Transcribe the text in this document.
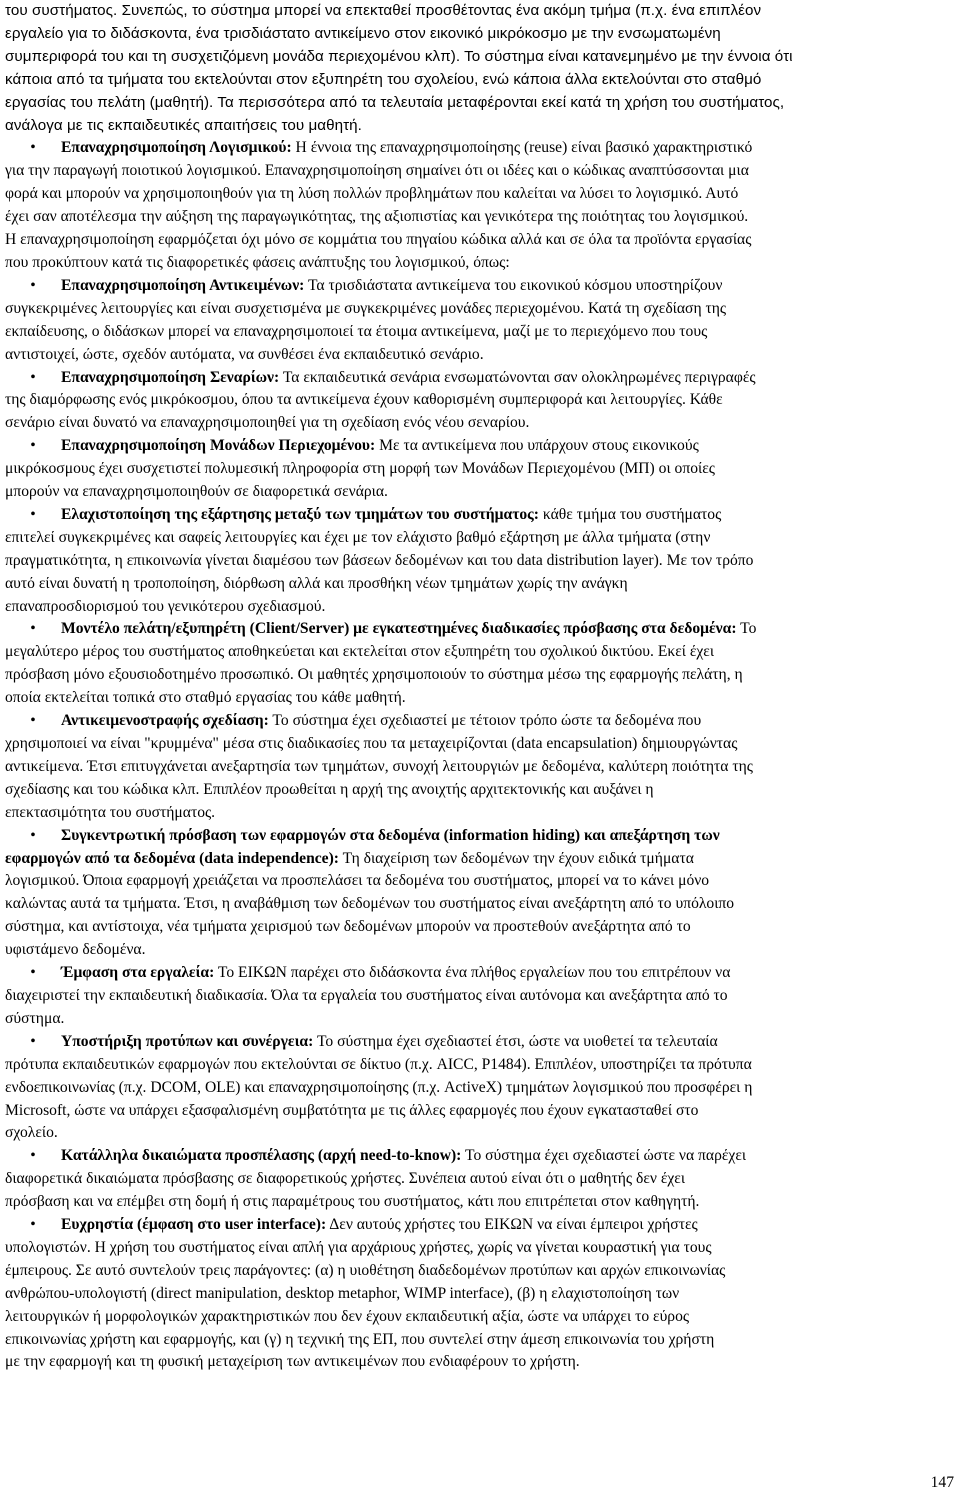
του συστήματος. Συνεπώς, το σύστημα μπορεί να επεκταθεί προσθέτοντας ένα ακόμη τμήμα (π.χ. ένα επιπλέον
εργαλείο για το διδάσκοντα, ένα τρισδιάστατο αντικείμενο στον εικονικό μικρόκοσμο με την ενσωματωμένη
συμπεριφορά του και τη συσχετιζόμενη μονάδα περιεχομένου κλπ). Το σύστημα είναι κατανεμημένο με την έννοια ότι
κάποια από τα τμήματα του εκτελούνται στον εξυπηρέτη του σχολείου, ενώ κάποια άλλα εκτελούνται στο σταθμό
εργασίας του πελάτη (μαθητή). Τα περισσότερα από τα τελευταία μεταφέρονται εκεί κατά τη χρήση του συστήματος,
ανάλογα με τις εκπαιδευτικές απαιτήσεις του μαθητή.
• Επαναχρησιμοποίηση Λογισμικού: Η έννοια της επαναχρησιμοποίησης (reuse) είναι βασικό χαρακτηριστικό
για την παραγωγή ποιοτικού λογισμικού. Επαναχρησιμοποίηση σημαίνει ότι οι ιδέες και ο κώδικας αναπτύσσονται μια
φορά και μπορούν να χρησιμοποιηθούν για τη λύση πολλών προβλημάτων που καλείται να λύσει το λογισμικό. Αυτό
έχει σαν αποτέλεσμα την αύξηση της παραγωγικότητας, της αξιοπιστίας και γενικότερα της ποιότητας του λογισμικού.
Η επαναχρησιμοποίηση εφαρμόζεται όχι μόνο σε κομμάτια του πηγαίου κώδικα αλλά και σε όλα τα προϊόντα εργασίας
που προκύπτουν κατά τις διαφορετικές φάσεις ανάπτυξης του λογισμικού, όπως:
• Επαναχρησιμοποίηση Αντικειμένων: Τα τρισδιάστατα αντικείμενα του εικονικού κόσμου υποστηρίζουν
συγκεκριμένες λειτουργίες και είναι συσχετισμένα με συγκεκριμένες μονάδες περιεχομένου. Κατά τη σχεδίαση της
εκπαίδευσης, ο διδάσκων μπορεί να επαναχρησιμοποιεί τα έτοιμα αντικείμενα, μαζί με το περιεχόμενο που τους
αντιστοιχεί, ώστε, σχεδόν αυτόματα, να συνθέσει ένα εκπαιδευτικό σενάριο.
• Επαναχρησιμοποίηση Σεναρίων: Τα εκπαιδευτικά σενάρια ενσωματώνονται σαν ολοκληρωμένες περιγραφές
της διαμόρφωσης ενός μικρόκοσμου, όπου τα αντικείμενα έχουν καθορισμένη συμπεριφορά και λειτουργίες. Κάθε
σενάριο είναι δυνατό να επαναχρησιμοποιηθεί για τη σχεδίαση ενός νέου σεναρίου.
• Επαναχρησιμοποίηση Μονάδων Περιεχομένου: Με τα αντικείμενα που υπάρχουν στους εικονικούς
μικρόκοσμους έχει συσχετιστεί πολυμεσική πληροφορία στη μορφή των Μονάδων Περιεχομένου (ΜΠ) οι οποίες
μπορούν να επαναχρησιμοποιηθούν σε διαφορετικά σενάρια.
• Ελαχιστοποίηση της εξάρτησης μεταξύ των τμημάτων του συστήματος: κάθε τμήμα του συστήματος
επιτελεί συγκεκριμένες και σαφείς λειτουργίες και έχει με τον ελάχιστο βαθμό εξάρτηση με άλλα τμήματα (στην
πραγματικότητα, η επικοινωνία γίνεται διαμέσου των βάσεων δεδομένων και του data distribution layer). Με τον τρόπο
αυτό είναι δυνατή η τροποποίηση, διόρθωση αλλά και προσθήκη νέων τμημάτων χωρίς την ανάγκη
επαναπροσδιορισμού του γενικότερου σχεδιασμού.
• Μοντέλο πελάτη/εξυπηρέτη (Client/Server) με εγκατεστημένες διαδικασίες πρόσβασης στα δεδομένα: Το
μεγαλύτερο μέρος του συστήματος αποθηκεύεται και εκτελείται στον εξυπηρέτη του σχολικού δικτύου. Εκεί έχει
πρόσβαση μόνο εξουσιοδοτημένο προσωπικό. Οι μαθητές χρησιμοποιούν το σύστημα μέσω της εφαρμογής πελάτη, η
οποία εκτελείται τοπικά στο σταθμό εργασίας του κάθε μαθητή.
• Αντικειμενοστραφής σχεδίαση: Το σύστημα έχει σχεδιαστεί με τέτοιον τρόπο ώστε τα δεδομένα που
χρησιμοποιεί να είναι "κρυμμένα" μέσα στις διαδικασίες που τα μεταχειρίζονται (data encapsulation) δημιουργώντας
αντικείμενα. Έτσι επιτυγχάνεται ανεξαρτησία των τμημάτων, συνοχή λειτουργιών με δεδομένα, καλύτερη ποιότητα της
σχεδίασης και του κώδικα κλπ. Επιπλέον προωθείται η αρχή της ανοιχτής αρχιτεκτονικής και αυξάνει η
επεκτασιμότητα του συστήματος.
• Συγκεντρωτική πρόσβαση των εφαρμογών στα δεδομένα (information hiding) και απεξάρτηση των
εφαρμογών από τα δεδομένα (data independence): Τη διαχείριση των δεδομένων την έχουν ειδικά τμήματα
λογισμικού. Όποια εφαρμογή χρειάζεται να προσπελάσει τα δεδομένα του συστήματος, μπορεί να το κάνει μόνο
καλώντας αυτά τα τμήματα. Έτσι, η αναβάθμιση των δεδομένων του συστήματος είναι ανεξάρτητη από το υπόλοιπο
σύστημα, και αντίστοιχα, νέα τμήματα χειρισμού των δεδομένων μπορούν να προστεθούν ανεξάρτητα από το
υφιστάμενο δεδομένα.
• Έμφαση στα εργαλεία: Το ΕΙΚΩΝ παρέχει στο διδάσκοντα ένα πλήθος εργαλείων που του επιτρέπουν να
διαχειριστεί την εκπαιδευτική διαδικασία. Όλα τα εργαλεία του συστήματος είναι αυτόνομα και ανεξάρτητα από το
σύστημα.
• Υποστήριξη προτύπων και συνέργεια: Το σύστημα έχει σχεδιαστεί έτσι, ώστε να υιοθετεί τα τελευταία
πρότυπα εκπαιδευτικών εφαρμογών που εκτελούνται σε δίκτυο (π.χ. AICC, P1484). Επιπλέον, υποστηρίζει τα πρότυπα
ενδοεπικοινωνίας (π.χ. DCOM, OLE) και επαναχρησιμοποίησης (π.χ. ActiveX) τμημάτων λογισμικού που προσφέρει η
Microsoft, ώστε να υπάρχει εξασφαλισμένη συμβατότητα με τις άλλες εφαρμογές που έχουν εγκατασταθεί στο
σχολείο.
• Κατάλληλα δικαιώματα προσπέλασης (αρχή need-to-know): Το σύστημα έχει σχεδιαστεί ώστε να παρέχει
διαφορετικά δικαιώματα πρόσβασης σε διαφορετικούς χρήστες. Συνέπεια αυτού είναι ότι ο μαθητής δεν έχει
πρόσβαση και να επέμβει στη δομή ή στις παραμέτρους του συστήματος, κάτι που επιτρέπεται στον καθηγητή.
• Ευχρηστία (έμφαση στο user interface): Δεν αυτούς χρήστες του ΕΙΚΩΝ να είναι έμπειροι χρήστες
υπολογιστών. Η χρήση του συστήματος είναι απλή για αρχάριους χρήστες, χωρίς να γίνεται κουραστική για τους
έμπειρους. Σε αυτό συντελούν τρεις παράγοντες: (α) η υιοθέτηση διαδεδομένων προτύπων και αρχών επικοινωνίας
ανθρώπου-υπολογιστή (direct manipulation, desktop metaphor, WIMP interface), (β) η ελαχιστοποίηση των
λειτουργικών ή μορφολογικών χαρακτηριστικών που δεν έχουν εκπαιδευτική αξία, ώστε να υπάρχει το εύρος
επικοινωνίας χρήστη και εφαρμογής, και (γ) η τεχνική της ΕΠ, που συντελεί στην άμεση επικοινωνία του χρήστη
με την εφαρμογή και τη φυσική μεταχείριση των αντικειμένων που ενδιαφέρουν το χρήστη.
147
